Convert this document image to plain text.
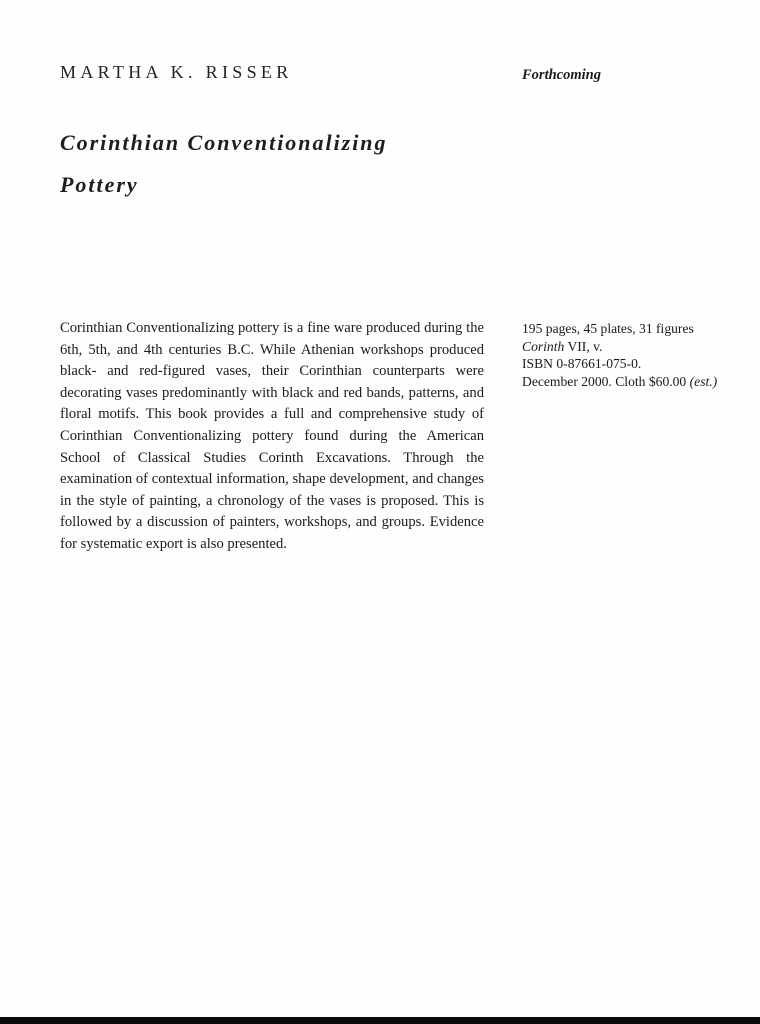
MARTHA K. RISSER	Forthcoming
Corinthian Conventionalizing
Pottery

Corinthian Conventionalizing pottery is a fine ware produced during the 6th, 5th, and 4th centuries B.C. While Athenian workshops produced black- and red-figured vases, their Corinthian counterparts were decorating vases predominantly with black and red bands, patterns, and floral motifs. This book provides a full and comprehensive study of Corinthian Conventionalizing pottery found during the American School of Classical Studies Corinth Excavations. Through the examination of contextual information, shape development, and changes in the style of painting, a chronology of the vases is proposed. This is followed by a discussion of painters, workshops, and groups. Evidence for systematic export is also presented.

195 pages, 45 plates, 31 figures
Corinth VII, v.
ISBN 0-87661-075-0.
December 2000. Cloth $60.00 (est.)
